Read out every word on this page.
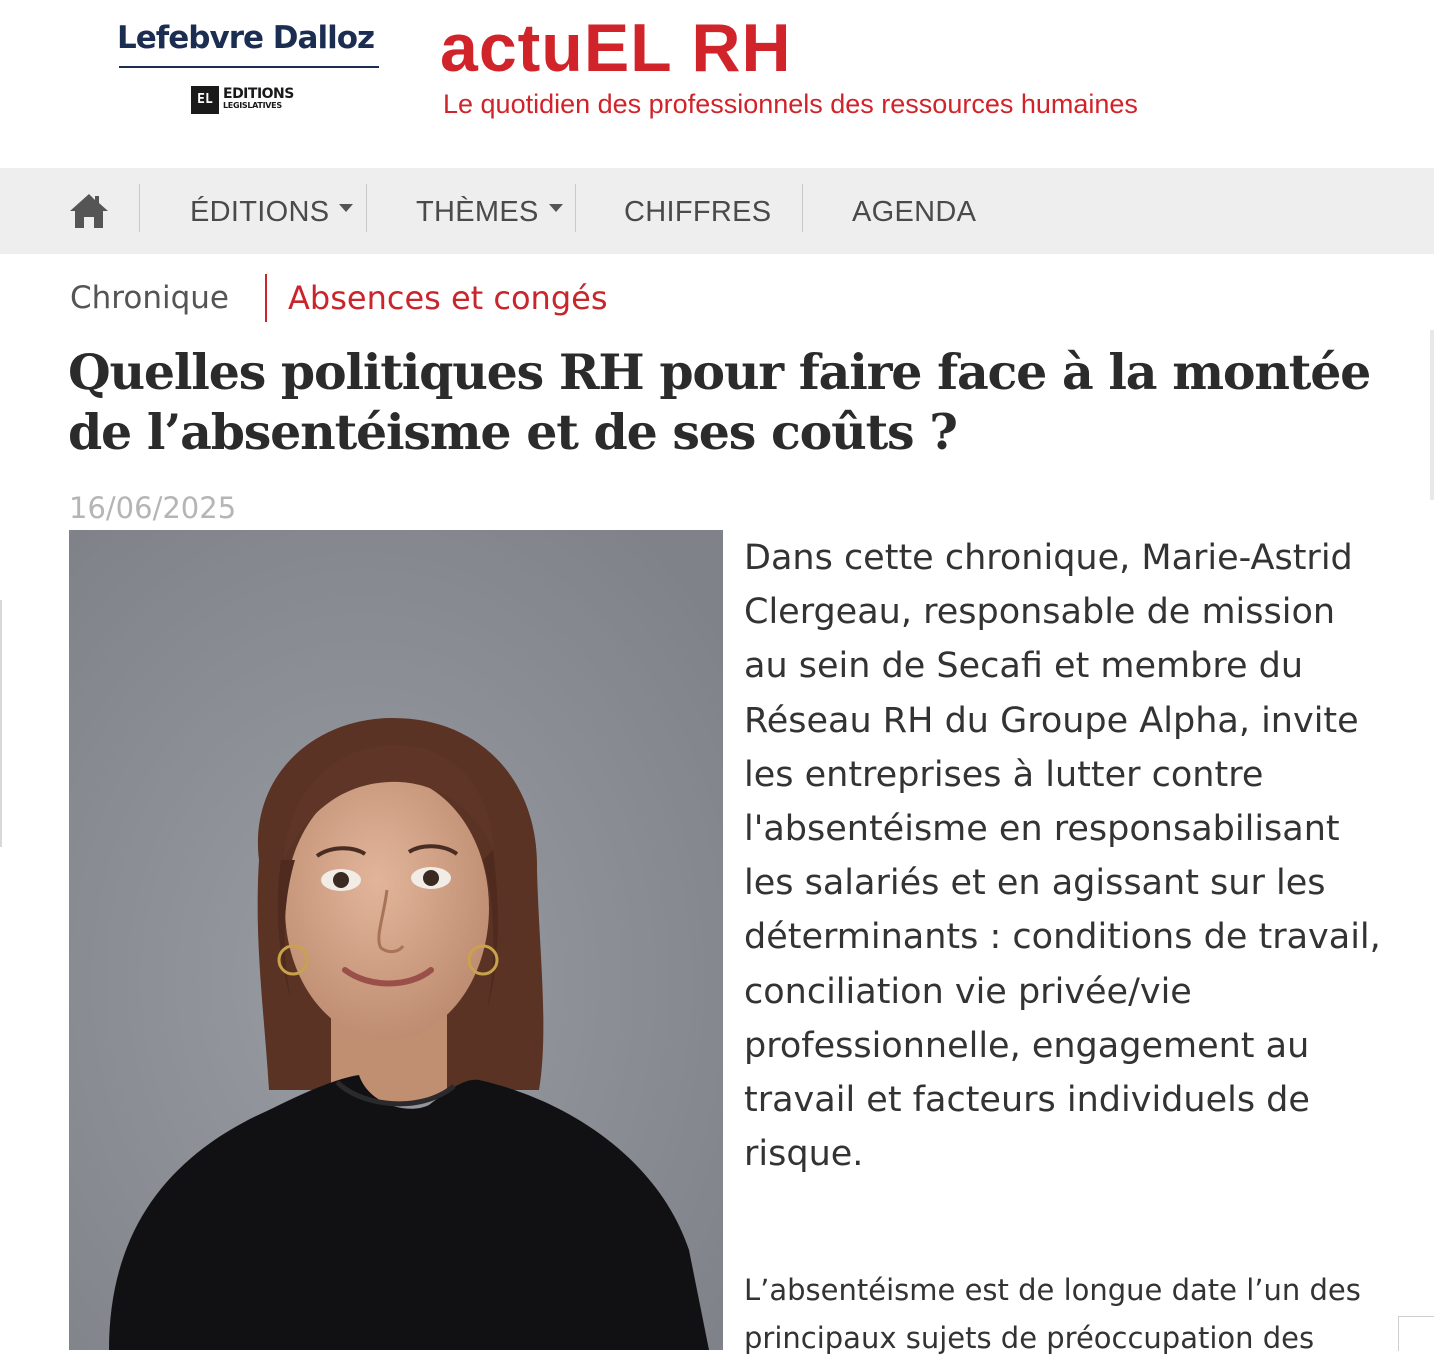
Lefebvre Dalloz
EL EDITIONS
LEGISLATIVES
actuEL RH
Le quotidien des professionnels des ressources humaines
ÉDITIONS	THÈMES	CHIFFRES	AGENDA
Chronique Absences et congés
Quelles politiques RH pour faire face à la montée de l’absentéisme et de ses coûts ?
16/06/2025

Dans cette chronique, Marie-Astrid Clergeau, responsable de mission au sein de Secafi et membre du Réseau RH du Groupe Alpha, invite les entreprises à lutter contre l'absentéisme en responsabilisant les salariés et en agissant sur les déterminants : conditions de travail, conciliation vie privée/vie professionnelle, engagement au travail et facteurs individuels de risque.

L’absentéisme est de longue date l’un des principaux sujets de préoccupation des
